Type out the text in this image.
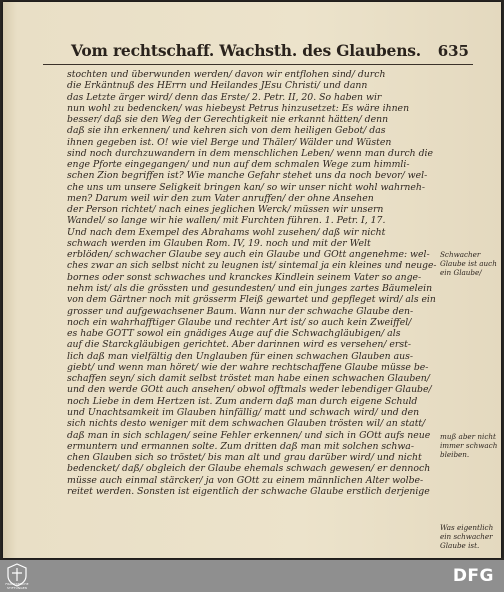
Vom rechtschaff. Wachsth. des Glaubens. 635
stochten und überwunden werden/ davon wir entflohen sind/ durch
die Erkäntnuß des HErrn und Heilandes JEsu Christi/ und dann
das Letzte ärger wird/ denn das Erste/ 2. Petr. II, 20. So haben wir
nun wohl zu bedencken/ was hiebeyst Petrus hinzusetzet: Es wäre ihnen
besser/ daß sie den Weg der Gerechtigkeit nie erkannt hätten/ denn
daß sie ihn erkennen/ und kehren sich von dem heiligen Gebot/ das
ihnen gegeben ist. O! wie viel Berge und Thäler/ Wälder und Wüsten
sind noch durchzuwandern in dem menschlichen Leben/ wenn man durch die
enge Pforte eingegangen/ und nun auf dem schmalen Wege zum himmli-
schen Zion begriffen ist? Wie manche Gefahr stehet uns da noch bevor/ wel-
che uns um unsere Seligkeit bringen kan/ so wir unser nicht wohl wahrneh-
men? Darum weil wir den zum Vater anruffen/ der ohne Ansehen
der Person richtet/ nach eines jeglichen Werck/ müssen wir unsern
Wandel/ so lange wir hie wallen/ mit Furchten führen. 1. Petr. I, 17.
Und nach dem Exempel des Abrahams wohl zusehen/ daß wir nicht
schwach werden im Glauben Rom. IV, 19. noch und mit der Welt
erblöden/ schwacher Glaube sey auch ein Glaube und GOtt angenehme: wel-
ches zwar an sich selbst nicht zu leugnen ist/ sintemal ja ein kleines und neuge-
bornes oder sonst schwaches und kranckes Kindlein seinem Vater so ange-
nehm ist/ als die grössten und gesundesten/ und ein junges zartes Bäumelein
von dem Gärtner noch mit grösserm Fleiß gewartet und gepfleget wird/ als ein
grosser und aufgewachsener Baum. Wann nur der schwache Glaube den-
noch ein wahrhafftiger Glaube und rechter Art ist/ so auch kein Zweiffel/
es habe GOTT sowol ein gnädiges Auge auf die Schwachgläubigen/ als
auf die Starckgläubigen gerichtet. Aber darinnen wird es versehen/ erst-
lich daß man vielfältig den Unglauben für einen schwachen Glauben aus-
giebt/ und wenn man höret/ wie der wahre rechtschaffene Glaube müsse be-
schaffen seyn/ sich damit selbst tröstet man habe einen schwachen Glauben/
und den werde GOtt auch ansehen/ obwol offtmals weder lebendiger Glaube/
noch Liebe in dem Hertzen ist. Zum andern daß man durch eigene Schuld
und Unachtsamkeit im Glauben hinfällig/ matt und schwach wird/ und den
sich nichts desto weniger mit dem schwachen Glauben trösten wil/ an statt/
daß man in sich schlagen/ seine Fehler erkennen/ und sich in GOtt aufs neue
ermuntern und ermannen solte. Zum dritten daß man mit solchen schwa-
chen Glauben sich so tröstet/ bis man alt und grau darüber wird/ und nicht
bedencket/ daß/ obgleich der Glaube ehemals schwach gewesen/ er dennoch
müsse auch einmal stärcker/ ja von GOtt zu einem männlichen Alter wolbe-
reitet werden. Sonsten ist eigentlich der schwache Glaube erstlich derjenige
Schwacher
Glaube ist auch
ein Glaube/
muß aber nicht
immer schwach
bleiben.
Was eigentlich
ein schwacher
Glaube ist.
FRANCKESCHE STIFTUNGEN
DFG
